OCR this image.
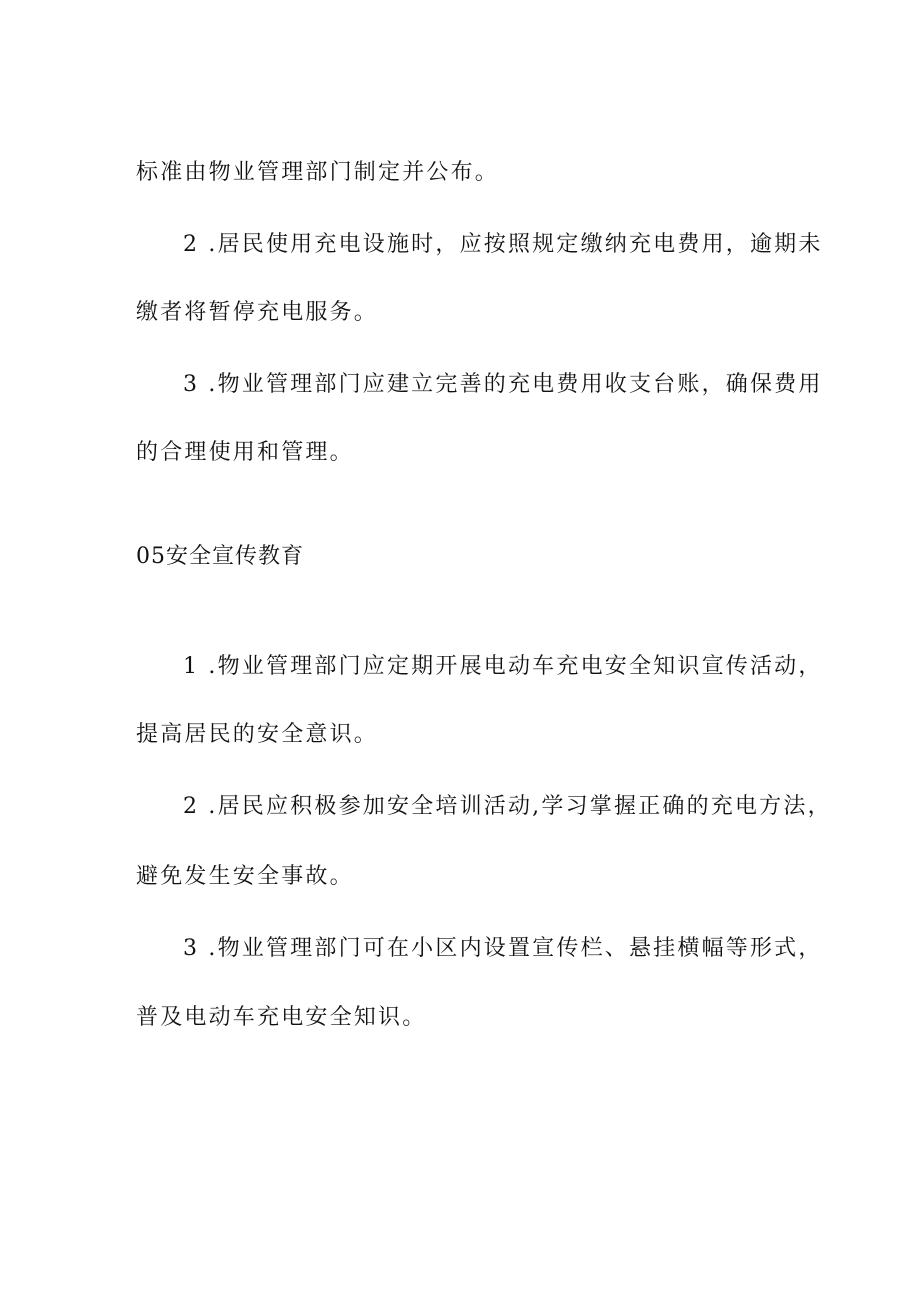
标准由物业管理部门制定并公布。

2 .居民使用充电设施时，应按照规定缴纳充电费用，逾期未

缴者将暂停充电服务。

3 .物业管理部门应建立完善的充电费用收支台账，确保费用

的合理使用和管理。

05安全宣传教育

1 .物业管理部门应定期开展电动车充电安全知识宣传活动，

提高居民的安全意识。

2 .居民应积极参加安全培训活动,学习掌握正确的充电方法，

避免发生安全事故。

3 .物业管理部门可在小区内设置宣传栏、悬挂横幅等形式，

普及电动车充电安全知识。
